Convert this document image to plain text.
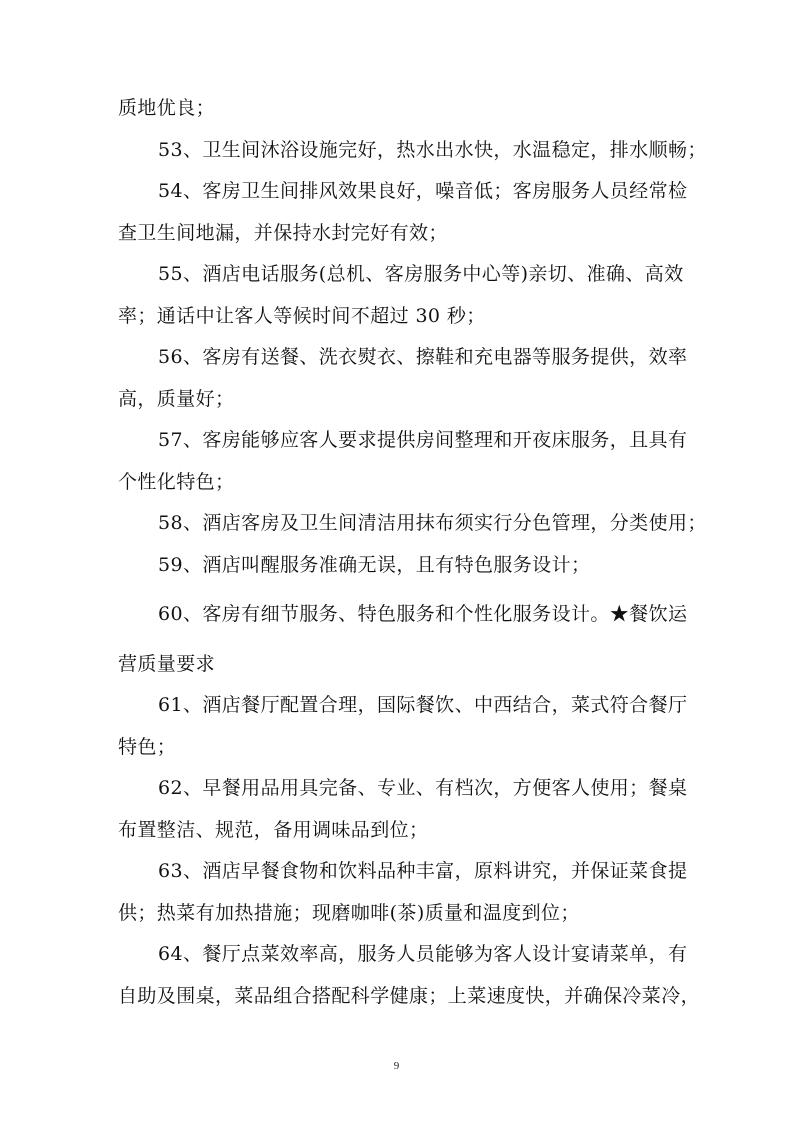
质地优良；
53、卫生间沐浴设施完好，热水出水快，水温稳定，排水顺畅；
54、客房卫生间排风效果良好，噪音低；客房服务人员经常检
查卫生间地漏，并保持水封完好有效；
55、酒店电话服务(总机、客房服务中心等)亲切、准确、高效
率；通话中让客人等候时间不超过 30 秒；
56、客房有送餐、洗衣熨衣、擦鞋和充电器等服务提供，效率
高，质量好；
57、客房能够应客人要求提供房间整理和开夜床服务，且具有
个性化特色；
58、酒店客房及卫生间清洁用抹布须实行分色管理，分类使用；
59、酒店叫醒服务准确无误，且有特色服务设计；
60、客房有细节服务、特色服务和个性化服务设计。★餐饮运
营质量要求
61、酒店餐厅配置合理，国际餐饮、中西结合，菜式符合餐厅
特色；
62、早餐用品用具完备、专业、有档次，方便客人使用；餐桌
布置整洁、规范，备用调味品到位；
63、酒店早餐食物和饮料品种丰富，原料讲究，并保证菜食提
供；热菜有加热措施；现磨咖啡(茶)质量和温度到位；
64、餐厅点菜效率高，服务人员能够为客人设计宴请菜单，有
自助及围桌，菜品组合搭配科学健康；上菜速度快，并确保冷菜冷，
9
